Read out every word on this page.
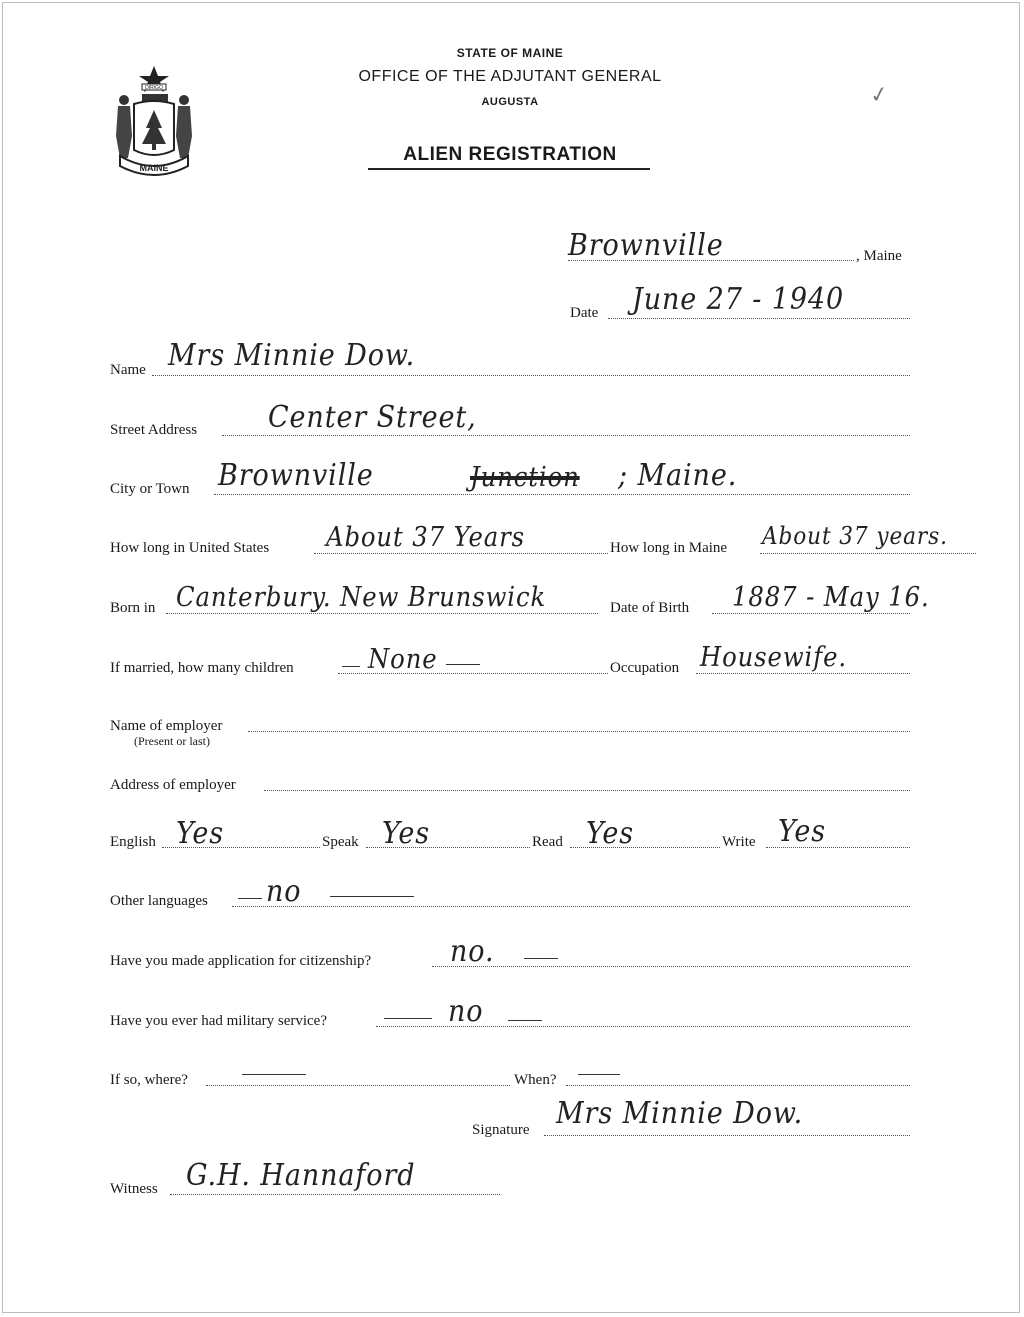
MAINE
DIRIGO
STATE OF MAINE
OFFICE OF THE ADJUTANT GENERAL
AUGUSTA
ALIEN REGISTRATION
✓
Brownville	, Maine
Date June 27 - 1940
Name Mrs Minnie Dow.
Street Address Center Street,
City or Town Brownville	Junction ; Maine.
How long in United States About 37 Years	How long in Maine About 37 years.
Born in Canterbury. New Brunswick	Date of Birth 1887 - May 16.
If married, how many children	None	Occupation Housewife.
Name of employer
(Present or last)
Address of employer
English Yes	Speak Yes	Read Yes	Write Yes
Other languages no
Have you made application for citizenship?	no.
Have you ever had military service?	no
If so, where?	When?
Signature Mrs Minnie Dow.
Witness G.H. Hannaford
